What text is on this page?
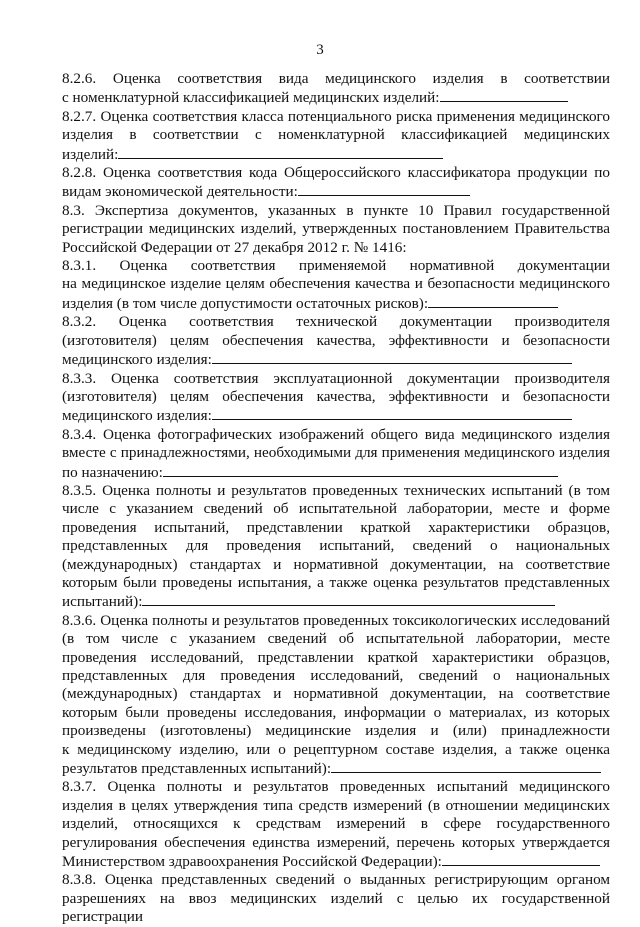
3
8.2.6. Оценка соответствия вида медицинского изделия в соответствии
с номенклатурной классификацией медицинских изделий:
8.2.7. Оценка соответствия класса потенциального риска применения медицинского
изделия в соответствии с номенклатурной классификацией медицинских
изделий:
8.2.8. Оценка соответствия кода Общероссийского классификатора продукции по
видам экономической деятельности:
8.3. Экспертиза документов, указанных в пункте 10 Правил государственной
регистрации медицинских изделий, утвержденных постановлением Правительства
Российской Федерации от 27 декабря 2012 г. № 1416:
8.3.1. Оценка соответствия применяемой нормативной документации
на медицинское изделие целям обеспечения качества и безопасности медицинского
изделия (в том числе допустимости остаточных рисков):
8.3.2. Оценка соответствия технической документации производителя
(изготовителя) целям обеспечения качества, эффективности и безопасности
медицинского изделия:
8.3.3. Оценка соответствия эксплуатационной документации производителя
(изготовителя) целям обеспечения качества, эффективности и безопасности
медицинского изделия:
8.3.4. Оценка фотографических изображений общего вида медицинского изделия
вместе с принадлежностями, необходимыми для применения медицинского изделия
по назначению:
8.3.5. Оценка полноты и результатов проведенных технических испытаний (в том
числе с указанием сведений об испытательной лаборатории, месте и форме
проведения испытаний, представлении краткой характеристики образцов,
представленных для проведения испытаний, сведений о национальных
(международных) стандартах и нормативной документации, на соответствие
которым были проведены испытания, а также оценка результатов представленных
испытаний):
8.3.6. Оценка полноты и результатов проведенных токсикологических исследований
(в том числе с указанием сведений об испытательной лаборатории, месте
проведения исследований, представлении краткой характеристики образцов,
представленных для проведения исследований, сведений о национальных
(международных) стандартах и нормативной документации, на соответствие
которым были проведены исследования, информации о материалах, из которых
произведены (изготовлены) медицинские изделия и (или) принадлежности
к медицинскому изделию, или о рецептурном составе изделия, а также оценка
результатов представленных испытаний):
8.3.7. Оценка полноты и результатов проведенных испытаний медицинского
изделия в целях утверждения типа средств измерений (в отношении медицинских
изделий, относящихся к средствам измерений в сфере государственного
регулирования обеспечения единства измерений, перечень которых утверждается
Министерством здравоохранения Российской Федерации):
8.3.8. Оценка представленных сведений о выданных регистрирующим органом
разрешениях на ввоз медицинских изделий с целью их государственной регистрации
